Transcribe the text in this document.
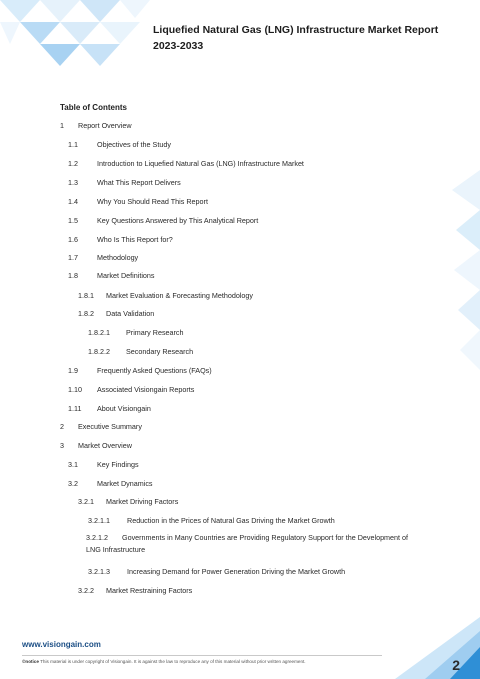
Liquefied Natural Gas (LNG) Infrastructure Market Report
2023-2033
Table of Contents
1 Report Overview
1.1	Objectives of the Study
1.2	Introduction to Liquefied Natural Gas (LNG) Infrastructure Market
1.3	What This Report Delivers
1.4	Why You Should Read This Report
1.5	Key Questions Answered by This Analytical Report
1.6	Who Is This Report for?
1.7	Methodology
1.8	Market Definitions
1.8.1 Market Evaluation & Forecasting Methodology
1.8.2 Data Validation
1.8.2.1 Primary Research
1.8.2.2 Secondary Research
1.9	Frequently Asked Questions (FAQs)
1.10 Associated Visiongain Reports
1.11 About Visiongain
2 Executive Summary
3 Market Overview
3.1	Key Findings
3.2	Market Dynamics
3.2.1 Market Driving Factors
3.2.1.1 Reduction in the Prices of Natural Gas Driving the Market Growth
3.2.1.2 Governments in Many Countries are Providing Regulatory Support for the Development of LNG Infrastructure
3.2.1.3 Increasing Demand for Power Generation Driving the Market Growth
3.2.2 Market Restraining Factors
www.visiongain.com
©notice This material is under copyright of Visiongain. It is against the law to reproduce any of this material without prior written agreement.	2
